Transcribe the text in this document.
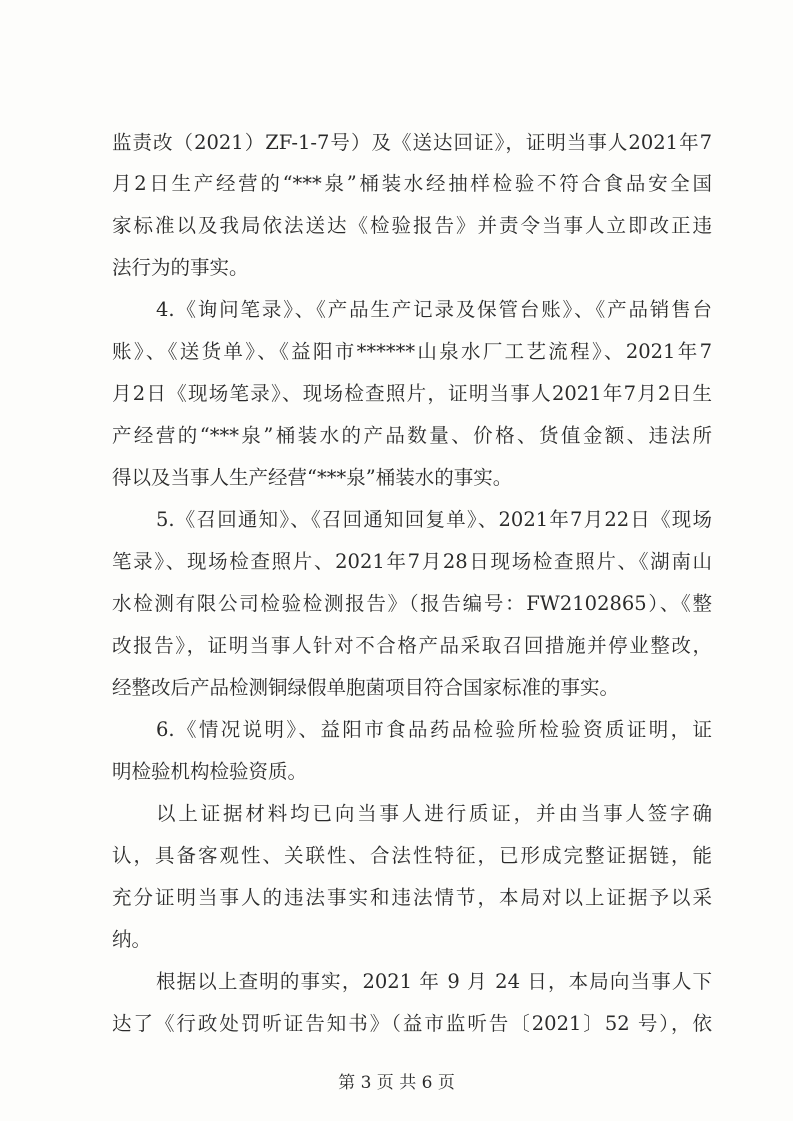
监责改（2021）ZF-1-7号）及《送达回证》，证明当事人2021年7
月2日生产经营的“***泉”桶装水经抽样检验不符合食品安全国
家标准以及我局依法送达《检验报告》并责令当事人立即改正违
法行为的事实。
4.《询问笔录》、《产品生产记录及保管台账》、《产品销售台
账》、《送货单》、《益阳市******山泉水厂工艺流程》、2021年7
月2日《现场笔录》、现场检查照片，证明当事人2021年7月2日生
产经营的“***泉”桶装水的产品数量、价格、货值金额、违法所
得以及当事人生产经营“***泉”桶装水的事实。
5.《召回通知》、《召回通知回复单》、2021年7月22日《现场
笔录》、现场检查照片、2021年7月28日现场检查照片、《湖南山
水检测有限公司检验检测报告》（报告编号：FW2102865）、《整
改报告》，证明当事人针对不合格产品采取召回措施并停业整改，
经整改后产品检测铜绿假单胞菌项目符合国家标准的事实。
6.《情况说明》、益阳市食品药品检验所检验资质证明，证
明检验机构检验资质。
以上证据材料均已向当事人进行质证，并由当事人签字确
认，具备客观性、关联性、合法性特征，已形成完整证据链，能
充分证明当事人的违法事实和违法情节，本局对以上证据予以采
纳。
根据以上查明的事实，2021 年 9 月 24 日，本局向当事人下
达了《行政处罚听证告知书》（益市监听告〔2021〕52 号），依
第 3 页 共 6 页
